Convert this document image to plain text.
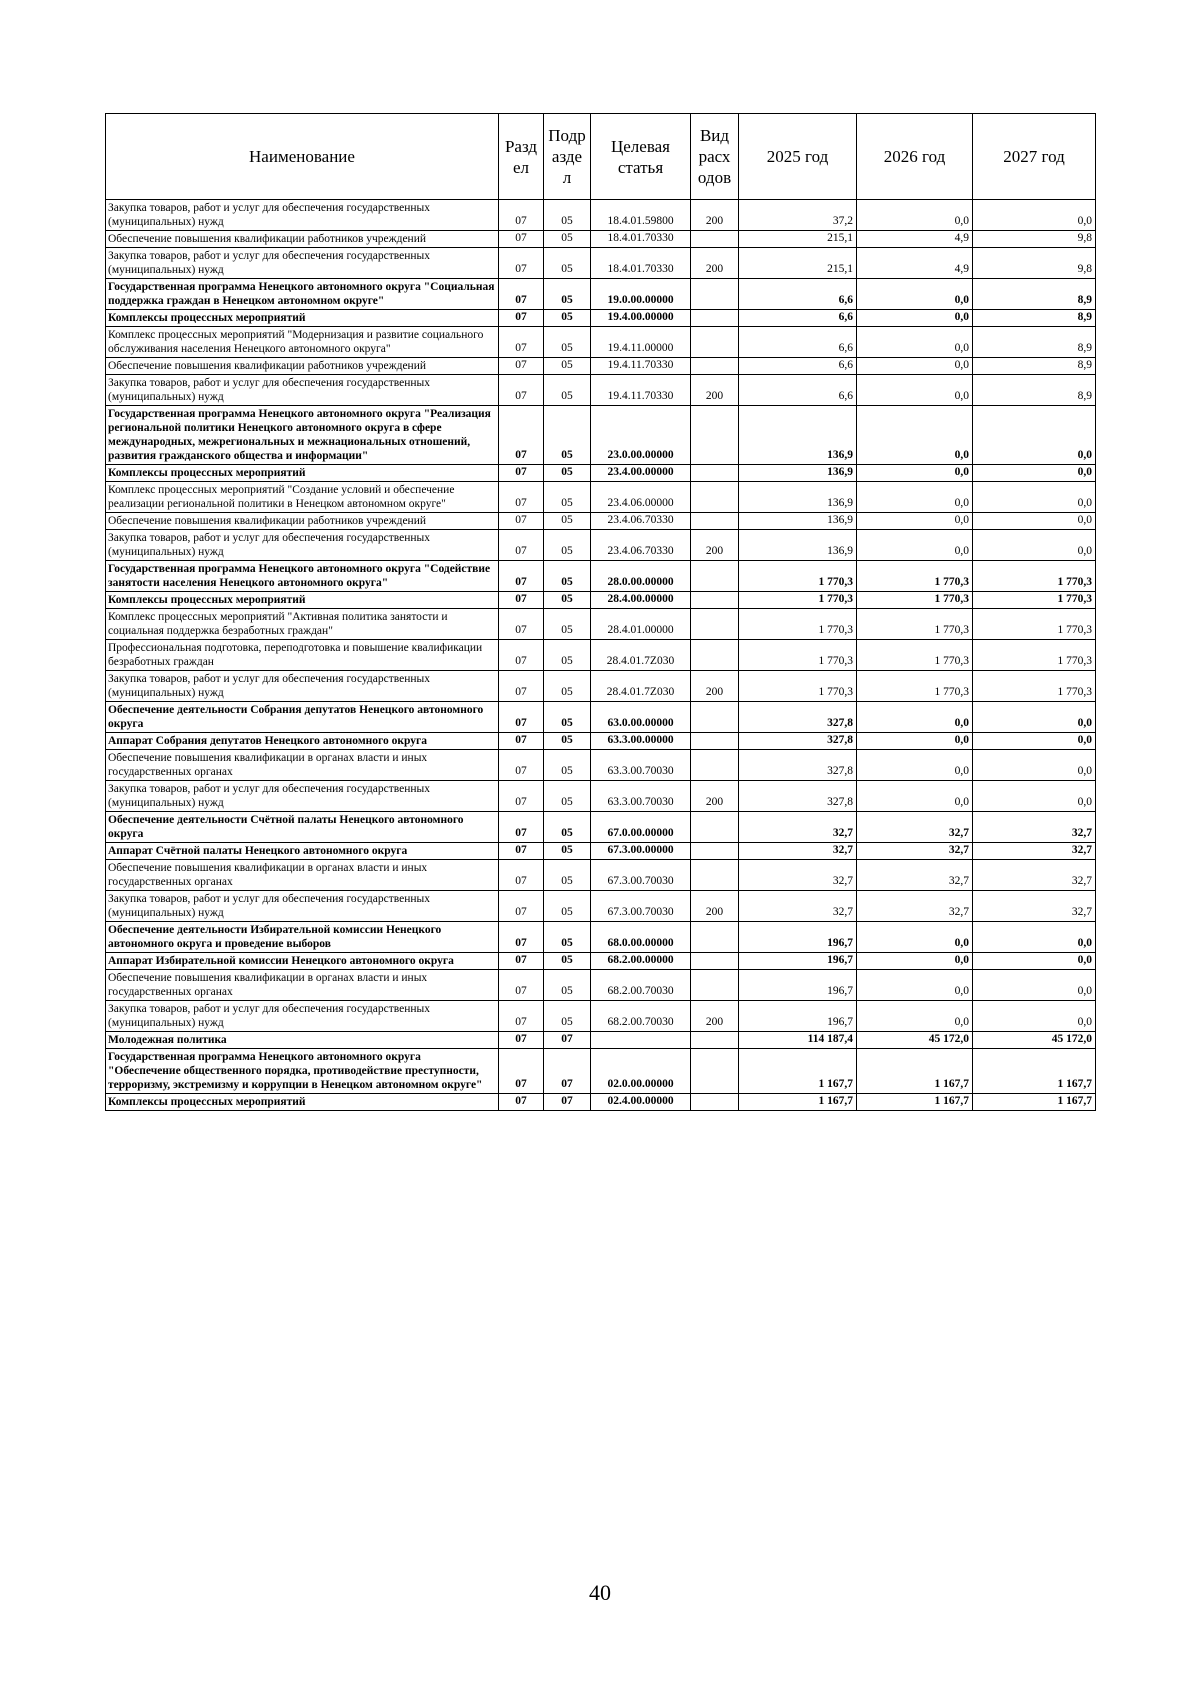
Наименование	Разд ел	Подр азде л	Целевая статья	Вид расх одов	2025 год	2026 год	2027 год
Закупка товаров, работ и услуг для обеспечения государственных (муниципальных) нужд	07	05	18.4.01.59800	200	37,2	0,0	0,0
Обеспечение повышения квалификации работников учреждений	07	05	18.4.01.70330		215,1	4,9	9,8
Закупка товаров, работ и услуг для обеспечения государственных (муниципальных) нужд	07	05	18.4.01.70330	200	215,1	4,9	9,8
Государственная программа Ненецкого автономного округа "Социальная поддержка граждан в Ненецком автономном округе"	07	05	19.0.00.00000		6,6	0,0	8,9
Комплексы процессных мероприятий	07	05	19.4.00.00000		6,6	0,0	8,9
Комплекс процессных мероприятий "Модернизация и развитие социального обслуживания населения Ненецкого автономного округа"	07	05	19.4.11.00000		6,6	0,0	8,9
Обеспечение повышения квалификации работников учреждений	07	05	19.4.11.70330		6,6	0,0	8,9
Закупка товаров, работ и услуг для обеспечения государственных (муниципальных) нужд	07	05	19.4.11.70330	200	6,6	0,0	8,9
Государственная программа Ненецкого автономного округа "Реализация региональной политики Ненецкого автономного округа в сфере международных, межрегиональных и межнациональных отношений, развития гражданского общества и информации"	07	05	23.0.00.00000		136,9	0,0	0,0
Комплексы процессных мероприятий	07	05	23.4.00.00000		136,9	0,0	0,0
Комплекс процессных мероприятий "Создание условий и обеспечение реализации региональной политики в Ненецком автономном округе"	07	05	23.4.06.00000		136,9	0,0	0,0
Обеспечение повышения квалификации работников учреждений	07	05	23.4.06.70330		136,9	0,0	0,0
Закупка товаров, работ и услуг для обеспечения государственных (муниципальных) нужд	07	05	23.4.06.70330	200	136,9	0,0	0,0
Государственная программа Ненецкого автономного округа "Содействие занятости населения Ненецкого автономного округа"	07	05	28.0.00.00000		1 770,3	1 770,3	1 770,3
Комплексы процессных мероприятий	07	05	28.4.00.00000		1 770,3	1 770,3	1 770,3
Комплекс процессных мероприятий "Активная политика занятости и социальная поддержка безработных граждан"	07	05	28.4.01.00000		1 770,3	1 770,3	1 770,3
Профессиональная подготовка, переподготовка и повышение квалификации безработных граждан	07	05	28.4.01.7Z030		1 770,3	1 770,3	1 770,3
Закупка товаров, работ и услуг для обеспечения государственных (муниципальных) нужд	07	05	28.4.01.7Z030	200	1 770,3	1 770,3	1 770,3
Обеспечение деятельности Собрания депутатов Ненецкого автономного округа	07	05	63.0.00.00000		327,8	0,0	0,0
Аппарат Собрания депутатов Ненецкого автономного округа	07	05	63.3.00.00000		327,8	0,0	0,0
Обеспечение повышения квалификации в органах власти и иных государственных органах	07	05	63.3.00.70030		327,8	0,0	0,0
Закупка товаров, работ и услуг для обеспечения государственных (муниципальных) нужд	07	05	63.3.00.70030	200	327,8	0,0	0,0
Обеспечение деятельности Счётной палаты Ненецкого автономного округа	07	05	67.0.00.00000		32,7	32,7	32,7
Аппарат Счётной палаты Ненецкого автономного округа	07	05	67.3.00.00000		32,7	32,7	32,7
Обеспечение повышения квалификации в органах власти и иных государственных органах	07	05	67.3.00.70030		32,7	32,7	32,7
Закупка товаров, работ и услуг для обеспечения государственных (муниципальных) нужд	07	05	67.3.00.70030	200	32,7	32,7	32,7
Обеспечение деятельности Избирательной комиссии Ненецкого автономного округа и проведение выборов	07	05	68.0.00.00000		196,7	0,0	0,0
Аппарат Избирательной комиссии Ненецкого автономного округа	07	05	68.2.00.00000		196,7	0,0	0,0
Обеспечение повышения квалификации в органах власти и иных государственных органах	07	05	68.2.00.70030		196,7	0,0	0,0
Закупка товаров, работ и услуг для обеспечения государственных (муниципальных) нужд	07	05	68.2.00.70030	200	196,7	0,0	0,0
Молодежная политика	07	07			114 187,4	45 172,0	45 172,0
Государственная программа Ненецкого автономного округа "Обеспечение общественного порядка, противодействие преступности, терроризму, экстремизму и коррупции в Ненецком автономном округе"	07	07	02.0.00.00000		1 167,7	1 167,7	1 167,7
Комплексы процессных мероприятий	07	07	02.4.00.00000		1 167,7	1 167,7	1 167,7
40
